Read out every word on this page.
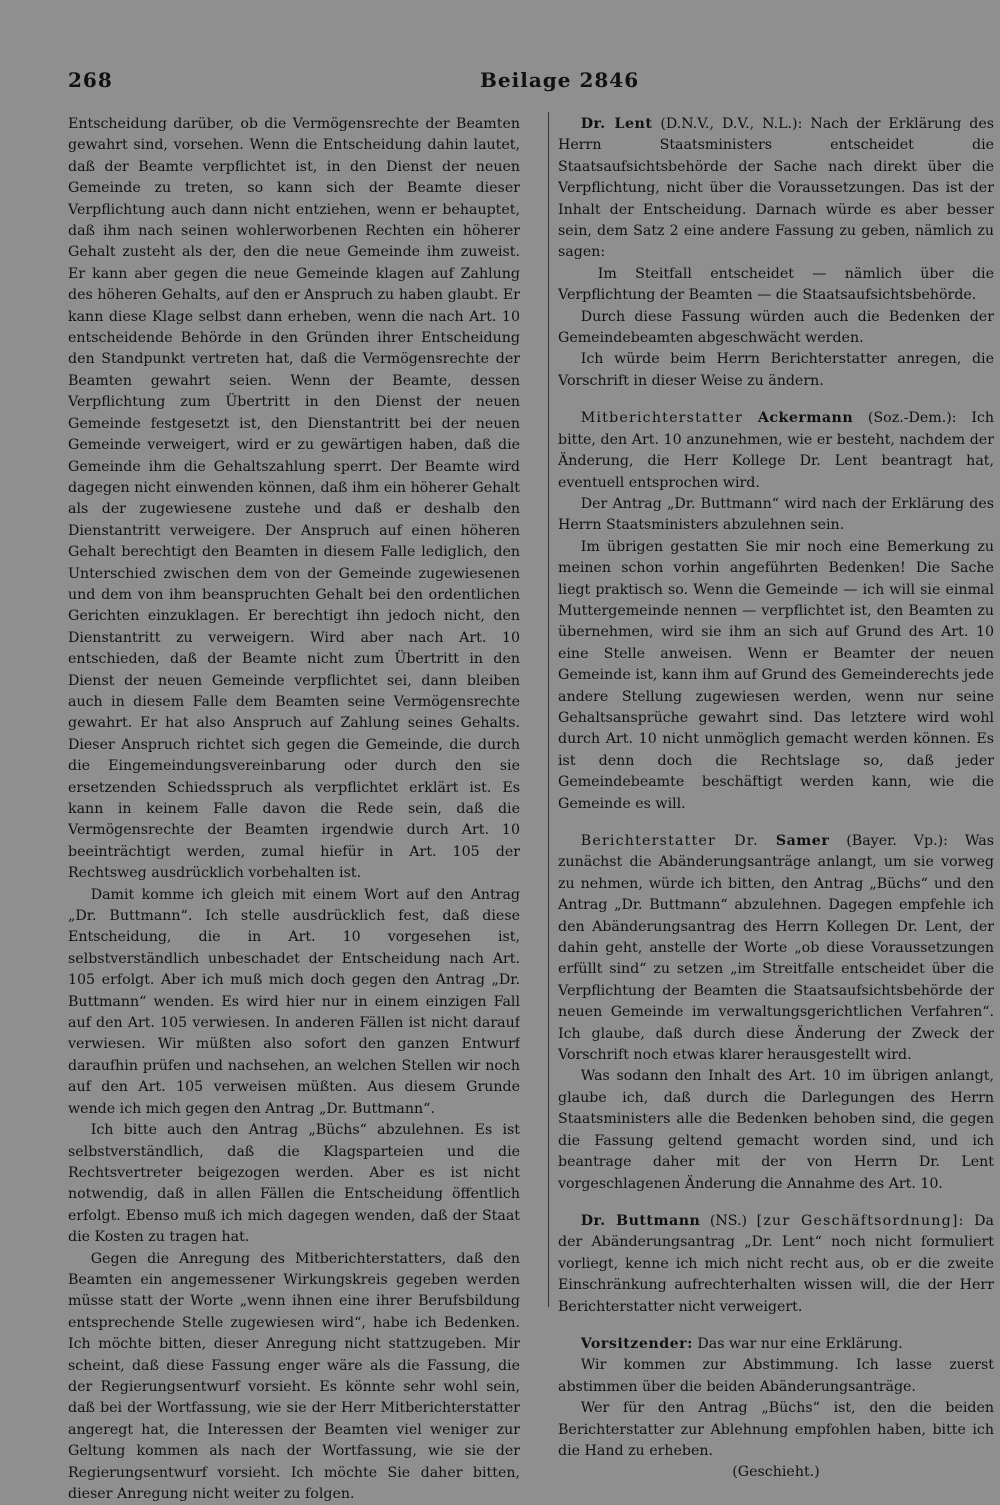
268	Beilage 2846

Entscheidung darüber, ob die Vermögensrechte der Beamten gewahrt sind, vorsehen. Wenn die Entscheidung dahin lautet, daß der Beamte verpflichtet ist, in den Dienst der neuen Gemeinde zu treten, so kann sich der Beamte dieser Verpflichtung auch dann nicht entziehen, wenn er behauptet, daß ihm nach seinen wohlerworbenen Rechten ein höherer Gehalt zusteht als der, den die neue Gemeinde ihm zuweist. Er kann aber gegen die neue Gemeinde klagen auf Zahlung des höheren Gehalts, auf den er Anspruch zu haben glaubt. Er kann diese Klage selbst dann erheben, wenn die nach Art. 10 entscheidende Behörde in den Gründen ihrer Entscheidung den Standpunkt vertreten hat, daß die Vermögensrechte der Beamten gewahrt seien. Wenn der Beamte, dessen Verpflichtung zum Übertritt in den Dienst der neuen Gemeinde festgesetzt ist, den Dienstantritt bei der neuen Gemeinde verweigert, wird er zu gewärtigen haben, daß die Gemeinde ihm die Gehaltszahlung sperrt. Der Beamte wird dagegen nicht einwenden können, daß ihm ein höherer Gehalt als der zugewiesene zustehe und daß er deshalb den Dienstantritt verweigere. Der Anspruch auf einen höheren Gehalt berechtigt den Beamten in diesem Falle lediglich, den Unterschied zwischen dem von der Gemeinde zugewiesenen und dem von ihm beanspruchten Gehalt bei den ordentlichen Gerichten einzuklagen. Er berechtigt ihn jedoch nicht, den Dienstantritt zu verweigern. Wird aber nach Art. 10 entschieden, daß der Beamte nicht zum Übertritt in den Dienst der neuen Gemeinde verpflichtet sei, dann bleiben auch in diesem Falle dem Beamten seine Vermögensrechte gewahrt. Er hat also Anspruch auf Zahlung seines Gehalts. Dieser Anspruch richtet sich gegen die Gemeinde, die durch die Eingemeindungsvereinbarung oder durch den sie ersetzenden Schiedsspruch als verpflichtet erklärt ist. Es kann in keinem Falle davon die Rede sein, daß die Vermögensrechte der Beamten irgendwie durch Art. 10 beeinträchtigt werden, zumal hiefür in Art. 105 der Rechtsweg ausdrücklich vorbehalten ist.

Damit komme ich gleich mit einem Wort auf den Antrag „Dr. Buttmann“. Ich stelle ausdrücklich fest, daß diese Entscheidung, die in Art. 10 vorgesehen ist, selbstverständlich unbeschadet der Entscheidung nach Art. 105 erfolgt. Aber ich muß mich doch gegen den Antrag „Dr. Buttmann“ wenden. Es wird hier nur in einem einzigen Fall auf den Art. 105 verwiesen. In anderen Fällen ist nicht darauf verwiesen. Wir müßten also sofort den ganzen Entwurf daraufhin prüfen und nachsehen, an welchen Stellen wir noch auf den Art. 105 verweisen müßten. Aus diesem Grunde wende ich mich gegen den Antrag „Dr. Buttmann“.

Ich bitte auch den Antrag „Büchs“ abzulehnen. Es ist selbstverständlich, daß die Klagsparteien und die Rechtsvertreter beigezogen werden. Aber es ist nicht notwendig, daß in allen Fällen die Entscheidung öffentlich erfolgt. Ebenso muß ich mich dagegen wenden, daß der Staat die Kosten zu tragen hat.

Gegen die Anregung des Mitberichterstatters, daß den Beamten ein angemessener Wirkungskreis gegeben werden müsse statt der Worte „wenn ihnen eine ihrer Berufsbildung entsprechende Stelle zugewiesen wird“, habe ich Bedenken. Ich möchte bitten, dieser Anregung nicht stattzugeben. Mir scheint, daß diese Fassung enger wäre als die Fassung, die der Regierungsentwurf vorsieht. Es könnte sehr wohl sein, daß bei der Wortfassung, wie sie der Herr Mitberichterstatter angeregt hat, die Interessen der Beamten viel weniger zur Geltung kommen als nach der Wortfassung, wie sie der Regierungsentwurf vorsieht. Ich möchte Sie daher bitten, dieser Anregung nicht weiter zu folgen.

Dr. Lent (D.N.V., D.V., N.L.): Nach der Erklärung des Herrn Staatsministers entscheidet die Staatsaufsichtsbehörde der Sache nach direkt über die Verpflichtung, nicht über die Voraussetzungen. Das ist der Inhalt der Entscheidung. Darnach würde es aber besser sein, dem Satz 2 eine andere Fassung zu geben, nämlich zu sagen:

Im Steitfall entscheidet — nämlich über die Verpflichtung der Beamten — die Staatsaufsichtsbehörde.

Durch diese Fassung würden auch die Bedenken der Gemeindebeamten abgeschwächt werden.

Ich würde beim Herrn Berichterstatter anregen, die Vorschrift in dieser Weise zu ändern.

Mitberichterstatter Ackermann (Soz.-Dem.): Ich bitte, den Art. 10 anzunehmen, wie er besteht, nachdem der Änderung, die Herr Kollege Dr. Lent beantragt hat, eventuell entsprochen wird.

Der Antrag „Dr. Buttmann“ wird nach der Erklärung des Herrn Staatsministers abzulehnen sein.

Im übrigen gestatten Sie mir noch eine Bemerkung zu meinen schon vorhin angeführten Bedenken! Die Sache liegt praktisch so. Wenn die Gemeinde — ich will sie einmal Muttergemeinde nennen — verpflichtet ist, den Beamten zu übernehmen, wird sie ihm an sich auf Grund des Art. 10 eine Stelle anweisen. Wenn er Beamter der neuen Gemeinde ist, kann ihm auf Grund des Gemeinderechts jede andere Stellung zugewiesen werden, wenn nur seine Gehaltsansprüche gewahrt sind. Das letztere wird wohl durch Art. 10 nicht unmöglich gemacht werden können. Es ist denn doch die Rechtslage so, daß jeder Gemeindebeamte beschäftigt werden kann, wie die Gemeinde es will.

Berichterstatter Dr. Samer (Bayer. Vp.): Was zunächst die Abänderungsanträge anlangt, um sie vorweg zu nehmen, würde ich bitten, den Antrag „Büchs“ und den Antrag „Dr. Buttmann“ abzulehnen. Dagegen empfehle ich den Abänderungsantrag des Herrn Kollegen Dr. Lent, der dahin geht, anstelle der Worte „ob diese Voraussetzungen erfüllt sind“ zu setzen „im Streitfalle entscheidet über die Verpflichtung der Beamten die Staatsaufsichtsbehörde der neuen Gemeinde im verwaltungsgerichtlichen Verfahren“. Ich glaube, daß durch diese Änderung der Zweck der Vorschrift noch etwas klarer herausgestellt wird.

Was sodann den Inhalt des Art. 10 im übrigen anlangt, glaube ich, daß durch die Darlegungen des Herrn Staatsministers alle die Bedenken behoben sind, die gegen die Fassung geltend gemacht worden sind, und ich beantrage daher mit der von Herrn Dr. Lent vorgeschlagenen Änderung die Annahme des Art. 10.

Dr. Buttmann (NS.) [zur Geschäftsordnung]: Da der Abänderungsantrag „Dr. Lent“ noch nicht formuliert vorliegt, kenne ich mich nicht recht aus, ob er die zweite Einschränkung aufrechterhalten wissen will, die der Herr Berichterstatter nicht verweigert.

Vorsitzender: Das war nur eine Erklärung.

Wir kommen zur Abstimmung. Ich lasse zuerst abstimmen über die beiden Abänderungsanträge.

Wer für den Antrag „Büchs“ ist, den die beiden Berichterstatter zur Ablehnung empfohlen haben, bitte ich die Hand zu erheben.

(Geschieht.)
